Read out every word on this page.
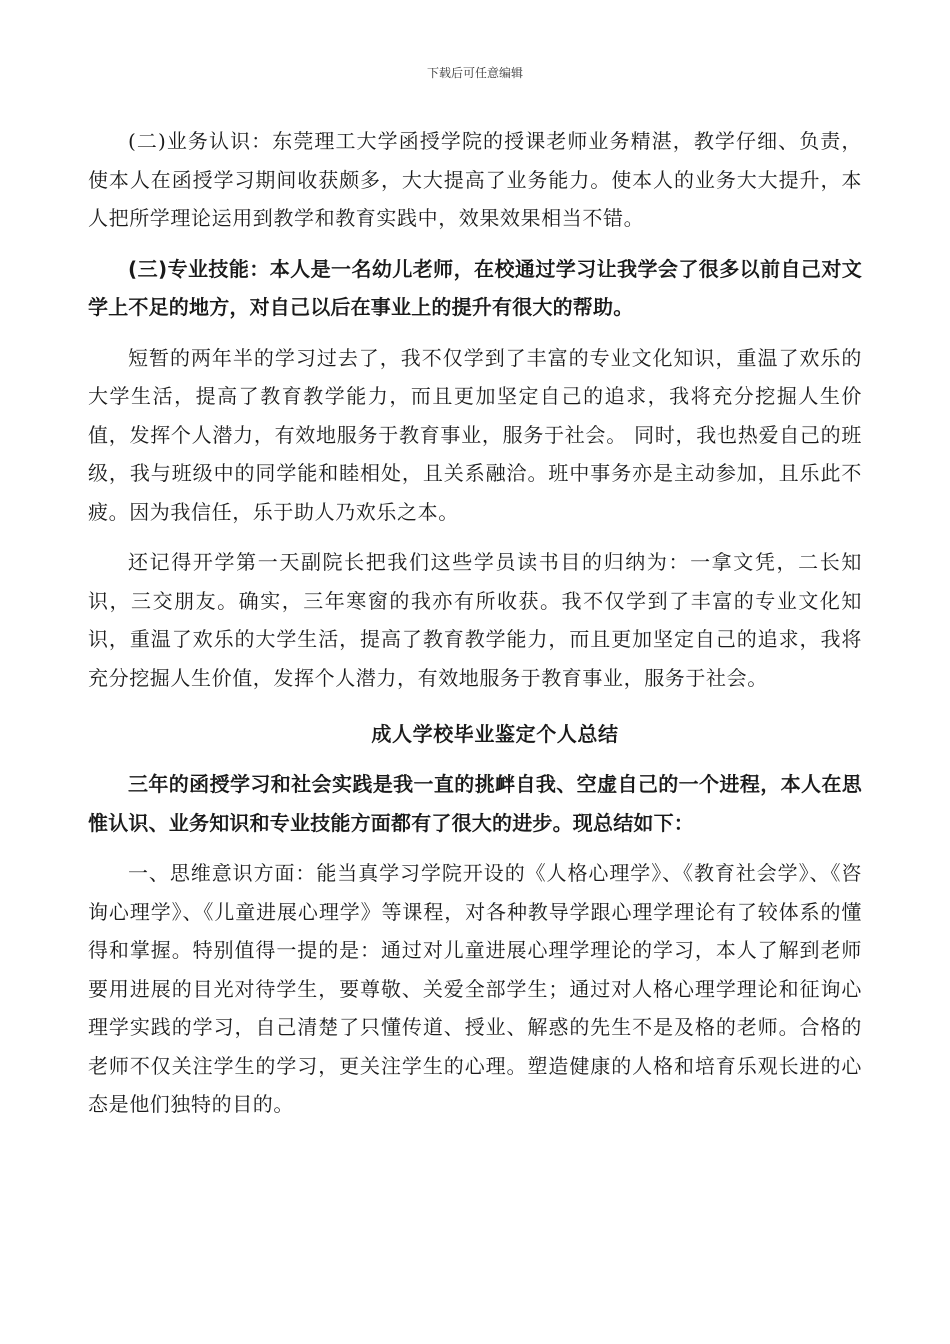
下载后可任意编辑

(二)业务认识：东莞理工大学函授学院的授课老师业务精湛，教学仔细、负责，使本人在函授学习期间收获颇多，大大提高了业务能力。使本人的业务大大提升，本人把所学理论运用到教学和教育实践中，效果效果相当不错。

(三)专业技能：本人是一名幼儿老师，在校通过学习让我学会了很多以前自己对文学上不足的地方，对自己以后在事业上的提升有很大的帮助。

短暂的两年半的学习过去了，我不仅学到了丰富的专业文化知识，重温了欢乐的大学生活，提高了教育教学能力，而且更加坚定自己的追求，我将充分挖掘人生价值，发挥个人潜力，有效地服务于教育事业，服务于社会。 同时，我也热爱自己的班级，我与班级中的同学能和睦相处，且关系融洽。班中事务亦是主动参加，且乐此不疲。因为我信任，乐于助人乃欢乐之本。

还记得开学第一天副院长把我们这些学员读书目的归纳为：一拿文凭，二长知识，三交朋友。确实，三年寒窗的我亦有所收获。我不仅学到了丰富的专业文化知识，重温了欢乐的大学生活，提高了教育教学能力，而且更加坚定自己的追求，我将充分挖掘人生价值，发挥个人潜力，有效地服务于教育事业，服务于社会。

成人学校毕业鉴定个人总结

三年的函授学习和社会实践是我一直的挑衅自我、空虚自己的一个进程，本人在思惟认识、业务知识和专业技能方面都有了很大的进步。现总结如下：

一、思维意识方面：能当真学习学院开设的《人格心理学》、《教育社会学》、《咨询心理学》、《儿童进展心理学》等课程，对各种教导学跟心理学理论有了较体系的懂得和掌握。特别值得一提的是：通过对儿童进展心理学理论的学习，本人了解到老师要用进展的目光对待学生，要尊敬、关爱全部学生；通过对人格心理学理论和征询心理学实践的学习，自己清楚了只懂传道、授业、解惑的先生不是及格的老师。合格的老师不仅关注学生的学习，更关注学生的心理。塑造健康的人格和培育乐观长进的心态是他们独特的目的。
